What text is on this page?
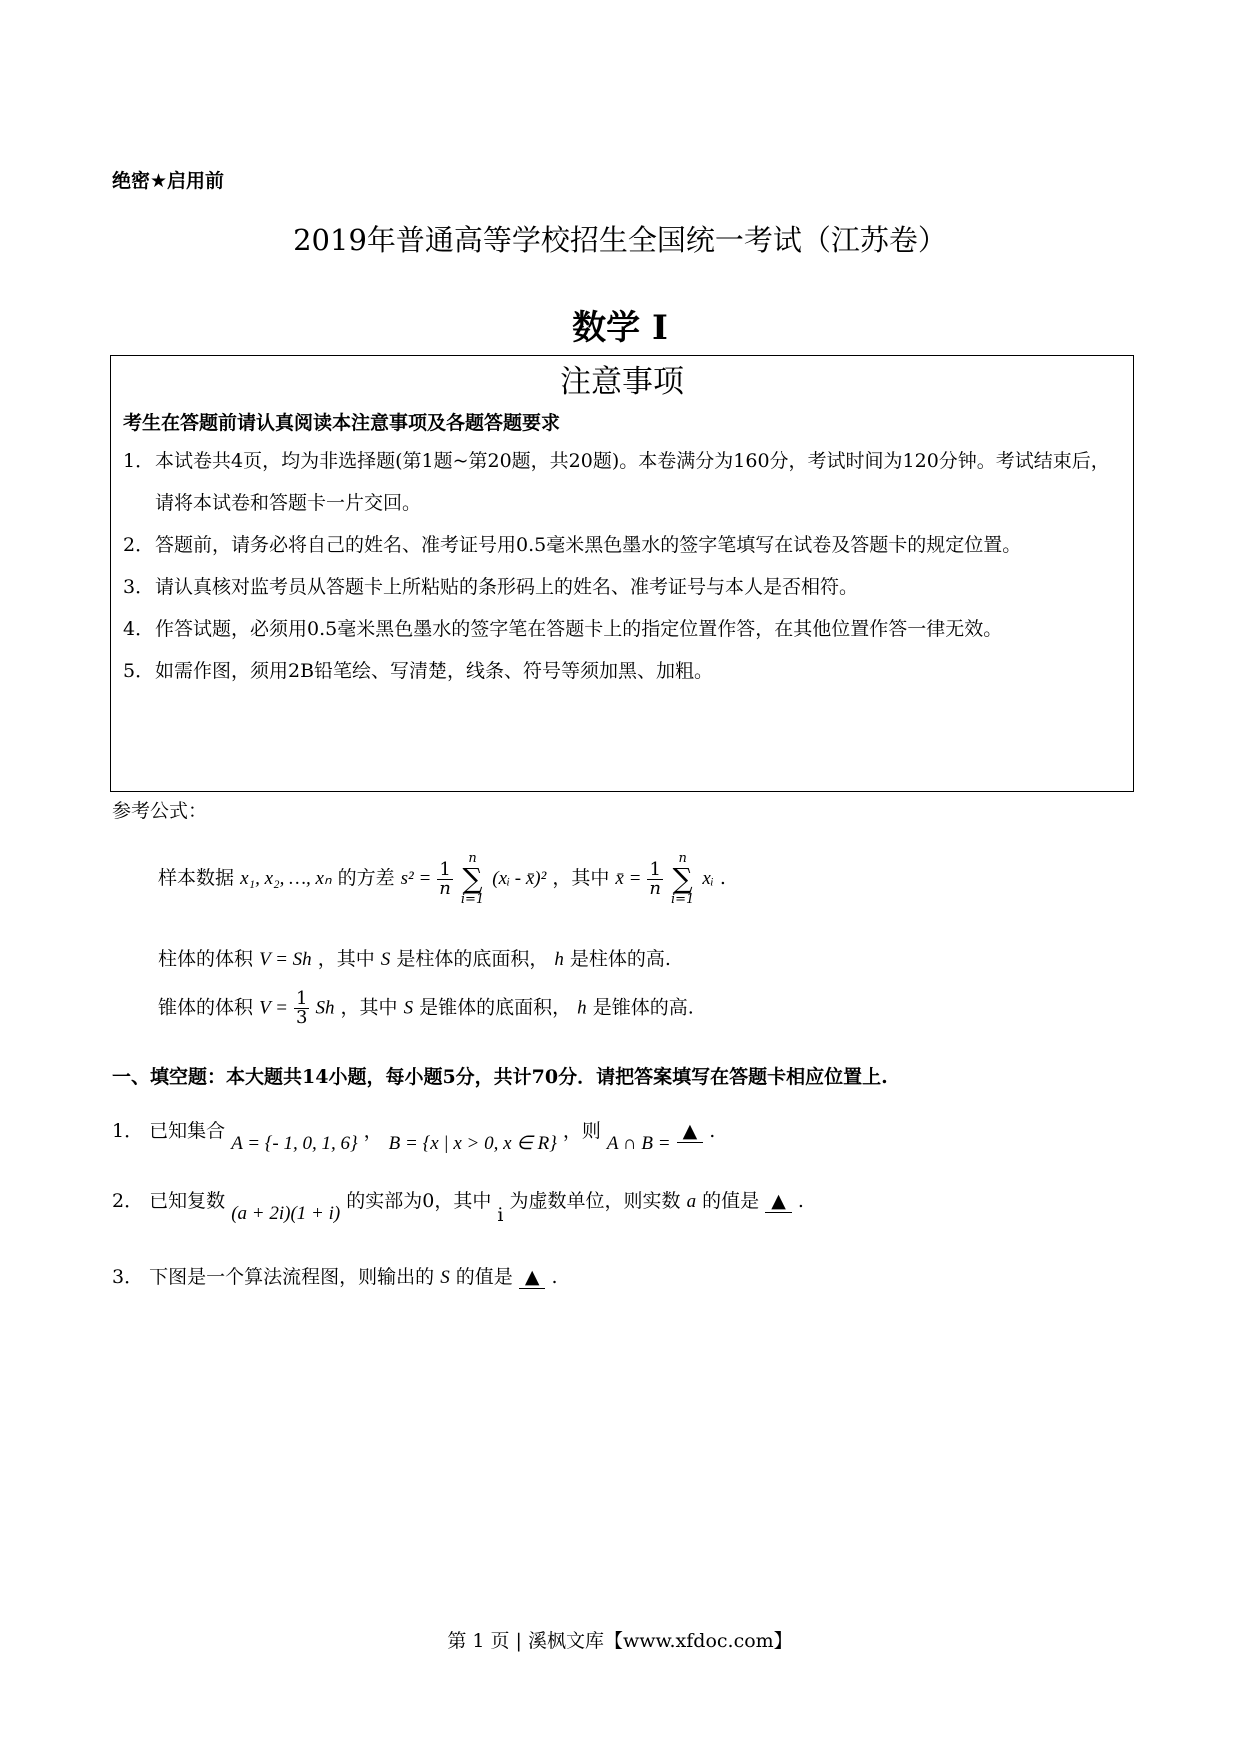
绝密★启用前
2019年普通高等学校招生全国统一考试（江苏卷）
数学 I
注意事项
考生在答题前请认真阅读本注意事项及各题答题要求
1． 本试卷共4页，均为非选择题(第1题~第20题，共20题)。本卷满分为160分，考试时间为120分钟。考试结束后，请将本试卷和答题卡一片交回。
2． 答题前，请务必将自己的姓名、准考证号用0.5毫米黑色墨水的签字笔填写在试卷及答题卡的规定位置。
3． 请认真核对监考员从答题卡上所粘贴的条形码上的姓名、准考证号与本人是否相符。
4． 作答试题，必须用0.5毫米黑色墨水的签字笔在答题卡上的指定位置作答，在其他位置作答一律无效。
5． 如需作图，须用2B铅笔绘、写清楚，线条、符号等须加黑、加粗。
参考公式：
样本数据 x₁, x₂, …, xₙ 的方差 $s^2 = \frac{1}{n}$

n
∑
i=1
(xᵢ - x̄)² ，其中 x̄ = $\frac{1}{n}$

n
∑
i=1
xᵢ .
柱体的体积 V = Sh ，其中 S 是柱体的底面积， h 是柱体的高.
锥体的体积 $V = \frac{1}{3}$ Sh ，其中 S 是锥体的底面积， h 是锥体的高.
一、填空题：本大题共14小题，每小题5分，共计70分．请把答案填写在答题卡相应位置上.
1． 已知集合 A = {- 1, 0, 1, 6} ， B = {x | x > 0, x ∈ R} ，则 A ∩ B = ▲ .
2． 已知复数 (a + 2i)(1 + i) 的实部为0，其中 i 为虚数单位，则实数 a 的值是 ▲ .
3． 下图是一个算法流程图，则输出的 S 的值是 ▲ .
第 1 页 | 溪枫文库【www.xfdoc.com】
